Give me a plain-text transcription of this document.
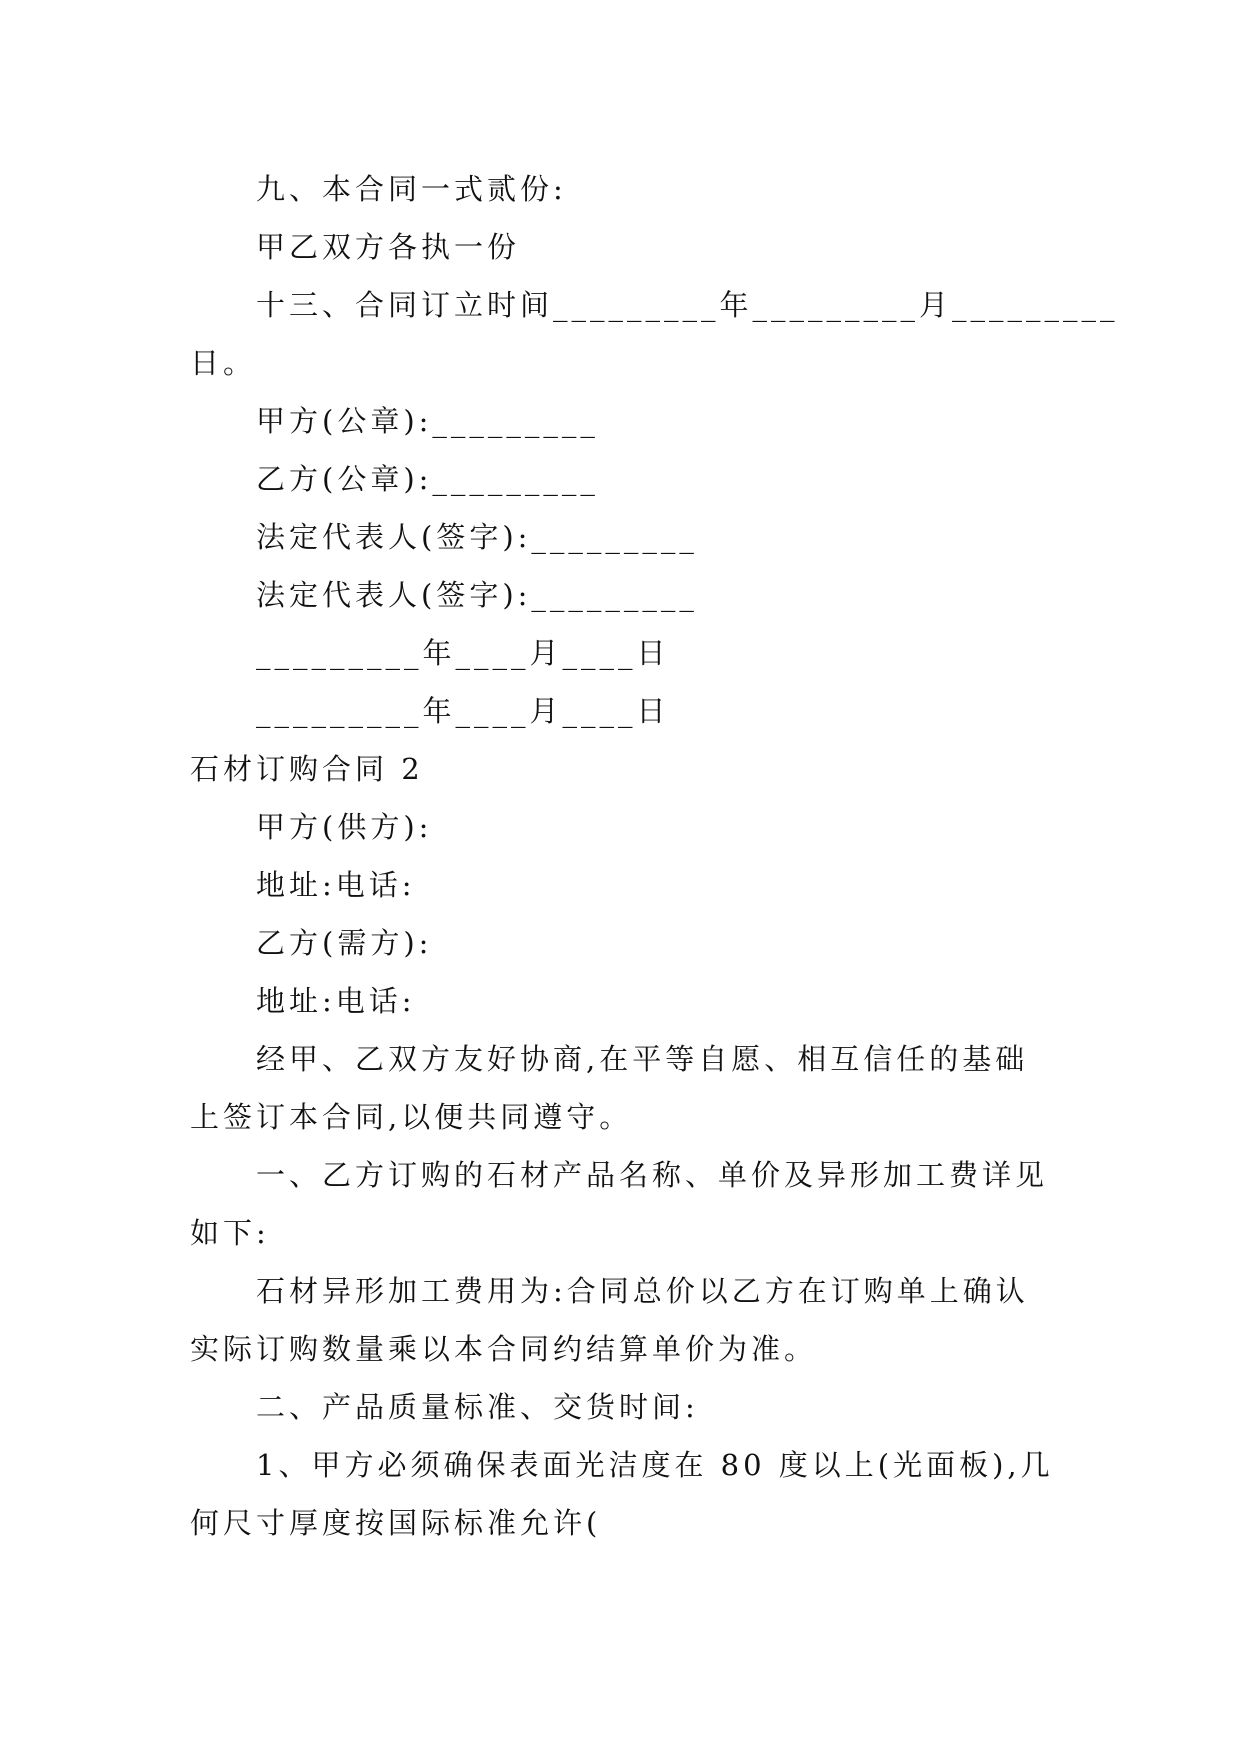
九、本合同一式贰份:
甲乙双方各执一份
十三、合同订立时间_________年_________月_________
日。
甲方(公章):_________
乙方(公章):_________
法定代表人(签字):_________
法定代表人(签字):_________
_________年____月____日
_________年____月____日
石材订购合同 2
甲方(供方):
地址:电话:
乙方(需方):
地址:电话:
经甲、乙双方友好协商,在平等自愿、相互信任的基础
上签订本合同,以便共同遵守。
一、乙方订购的石材产品名称、单价及异形加工费详见
如下:
石材异形加工费用为:合同总价以乙方在订购单上确认
实际订购数量乘以本合同约结算单价为准。
二、产品质量标准、交货时间:
1、甲方必须确保表面光洁度在 80 度以上(光面板),几
何尺寸厚度按国际标准允许(
